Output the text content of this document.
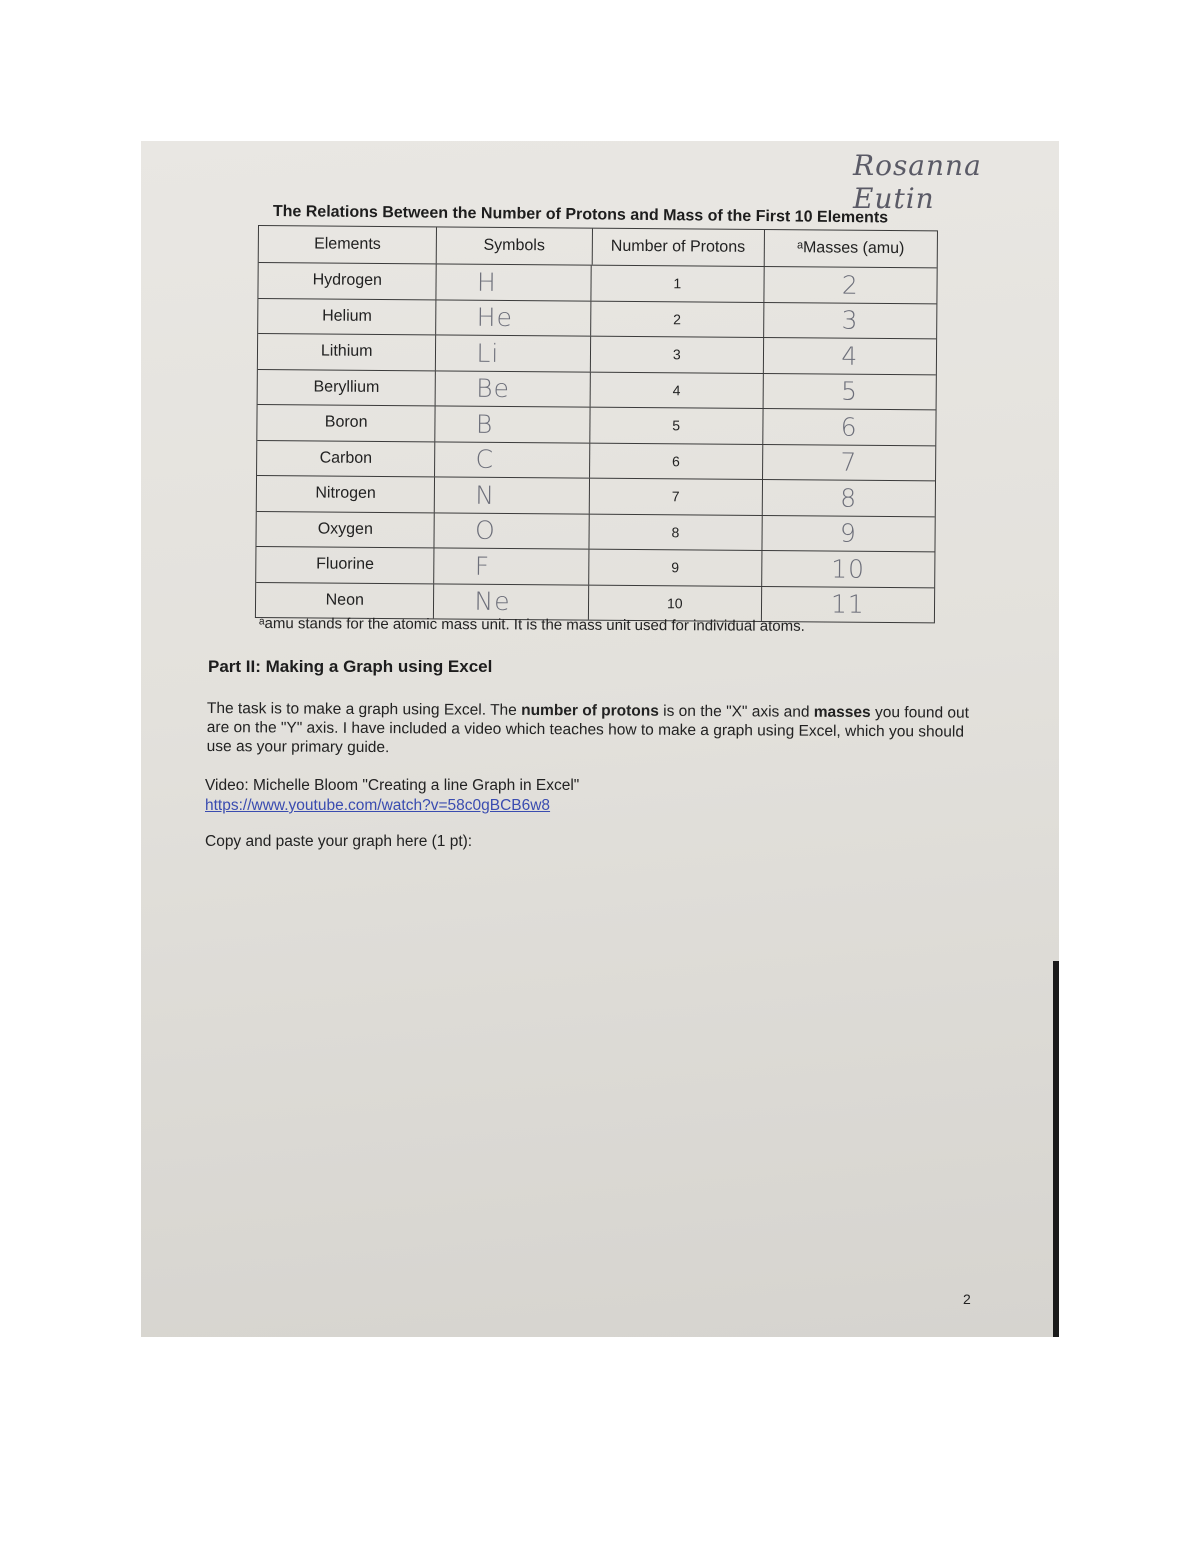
Rosanna Eutin
The Relations Between the Number of Protons and Mass of the First 10 Elements
Elements	Symbols	Number of Protons	ᵃMasses (amu)
Hydrogen	H	1	2
Helium	He	2	3
Lithium	Li	3	4
Beryllium	Be	4	5
Boron	B	5	6
Carbon	C	6	7
Nitrogen	N	7	8
Oxygen	O	8	9
Fluorine	F	9	10
Neon	Ne	10	11
ᵃamu stands for the atomic mass unit. It is the mass unit used for individual atoms.
Part II: Making a Graph using Excel
The task is to make a graph using Excel. The number of protons is on the "X" axis and masses you found out are on the "Y" axis. I have included a video which teaches how to make a graph using Excel, which you should use as your primary guide.
Video: Michelle Bloom "Creating a line Graph in Excel"
https://www.youtube.com/watch?v=58c0gBCB6w8
Copy and paste your graph here (1 pt):
2
